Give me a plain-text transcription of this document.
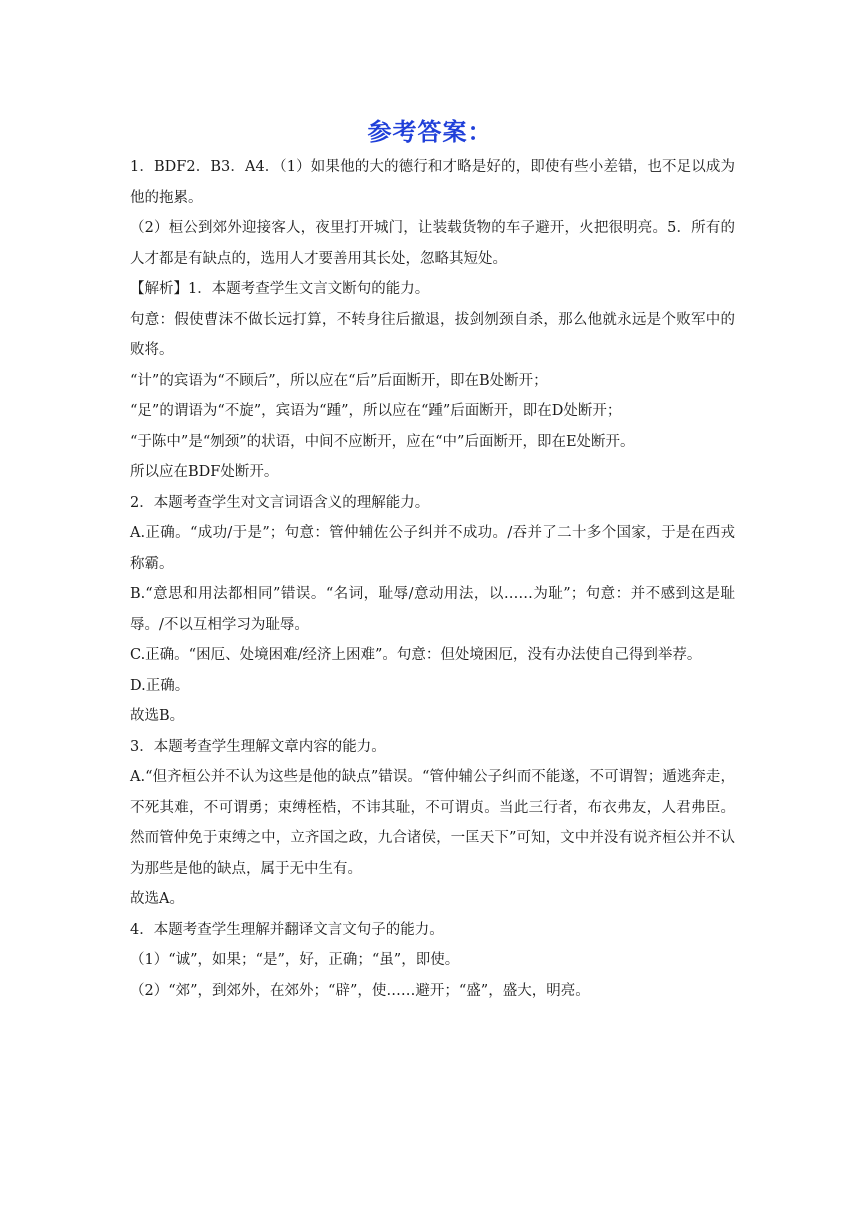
参考答案：

1．BDF2．B3．A4．（1）如果他的大的德行和才略是好的，即使有些小差错，也不足以成为他的拖累。

（2）桓公到郊外迎接客人，夜里打开城门，让装载货物的车子避开，火把很明亮。5．所有的人才都是有缺点的，选用人才要善用其长处，忽略其短处。

【解析】1．本题考查学生文言文断句的能力。

句意：假使曹沫不做长远打算，不转身往后撤退，拔剑刎颈自杀，那么他就永远是个败军中的败将。

“计”的宾语为“不顾后”，所以应在“后”后面断开，即在B处断开；

“足”的谓语为“不旋”，宾语为“踵”，所以应在“踵”后面断开，即在D处断开；

“于陈中”是“刎颈”的状语，中间不应断开，应在“中”后面断开，即在E处断开。

所以应在BDF处断开。

2．本题考查学生对文言词语含义的理解能力。

A.正确。“成功/于是”；句意：管仲辅佐公子纠并不成功。/吞并了二十多个国家，于是在西戎称霸。

B.“意思和用法都相同”错误。“名词，耻辱/意动用法，以……为耻”；句意：并不感到这是耻辱。/不以互相学习为耻辱。

C.正确。“困厄、处境困难/经济上困难”。句意：但处境困厄，没有办法使自己得到举荐。

D.正确。

故选B。

3．本题考查学生理解文章内容的能力。

A.“但齐桓公并不认为这些是他的缺点”错误。“管仲辅公子纠而不能遂，不可谓智；遁逃奔走，不死其难，不可谓勇；束缚桎梏，不讳其耻，不可谓贞。当此三行者，布衣弗友，人君弗臣。然而管仲免于束缚之中，立齐国之政，九合诸侯，一匡天下”可知，文中并没有说齐桓公并不认为那些是他的缺点，属于无中生有。

故选A。

4．本题考查学生理解并翻译文言文句子的能力。

（1）“诚”，如果；“是”，好，正确；“虽”，即使。

（2）“郊”，到郊外，在郊外；“辟”，使……避开；“盛”，盛大，明亮。
